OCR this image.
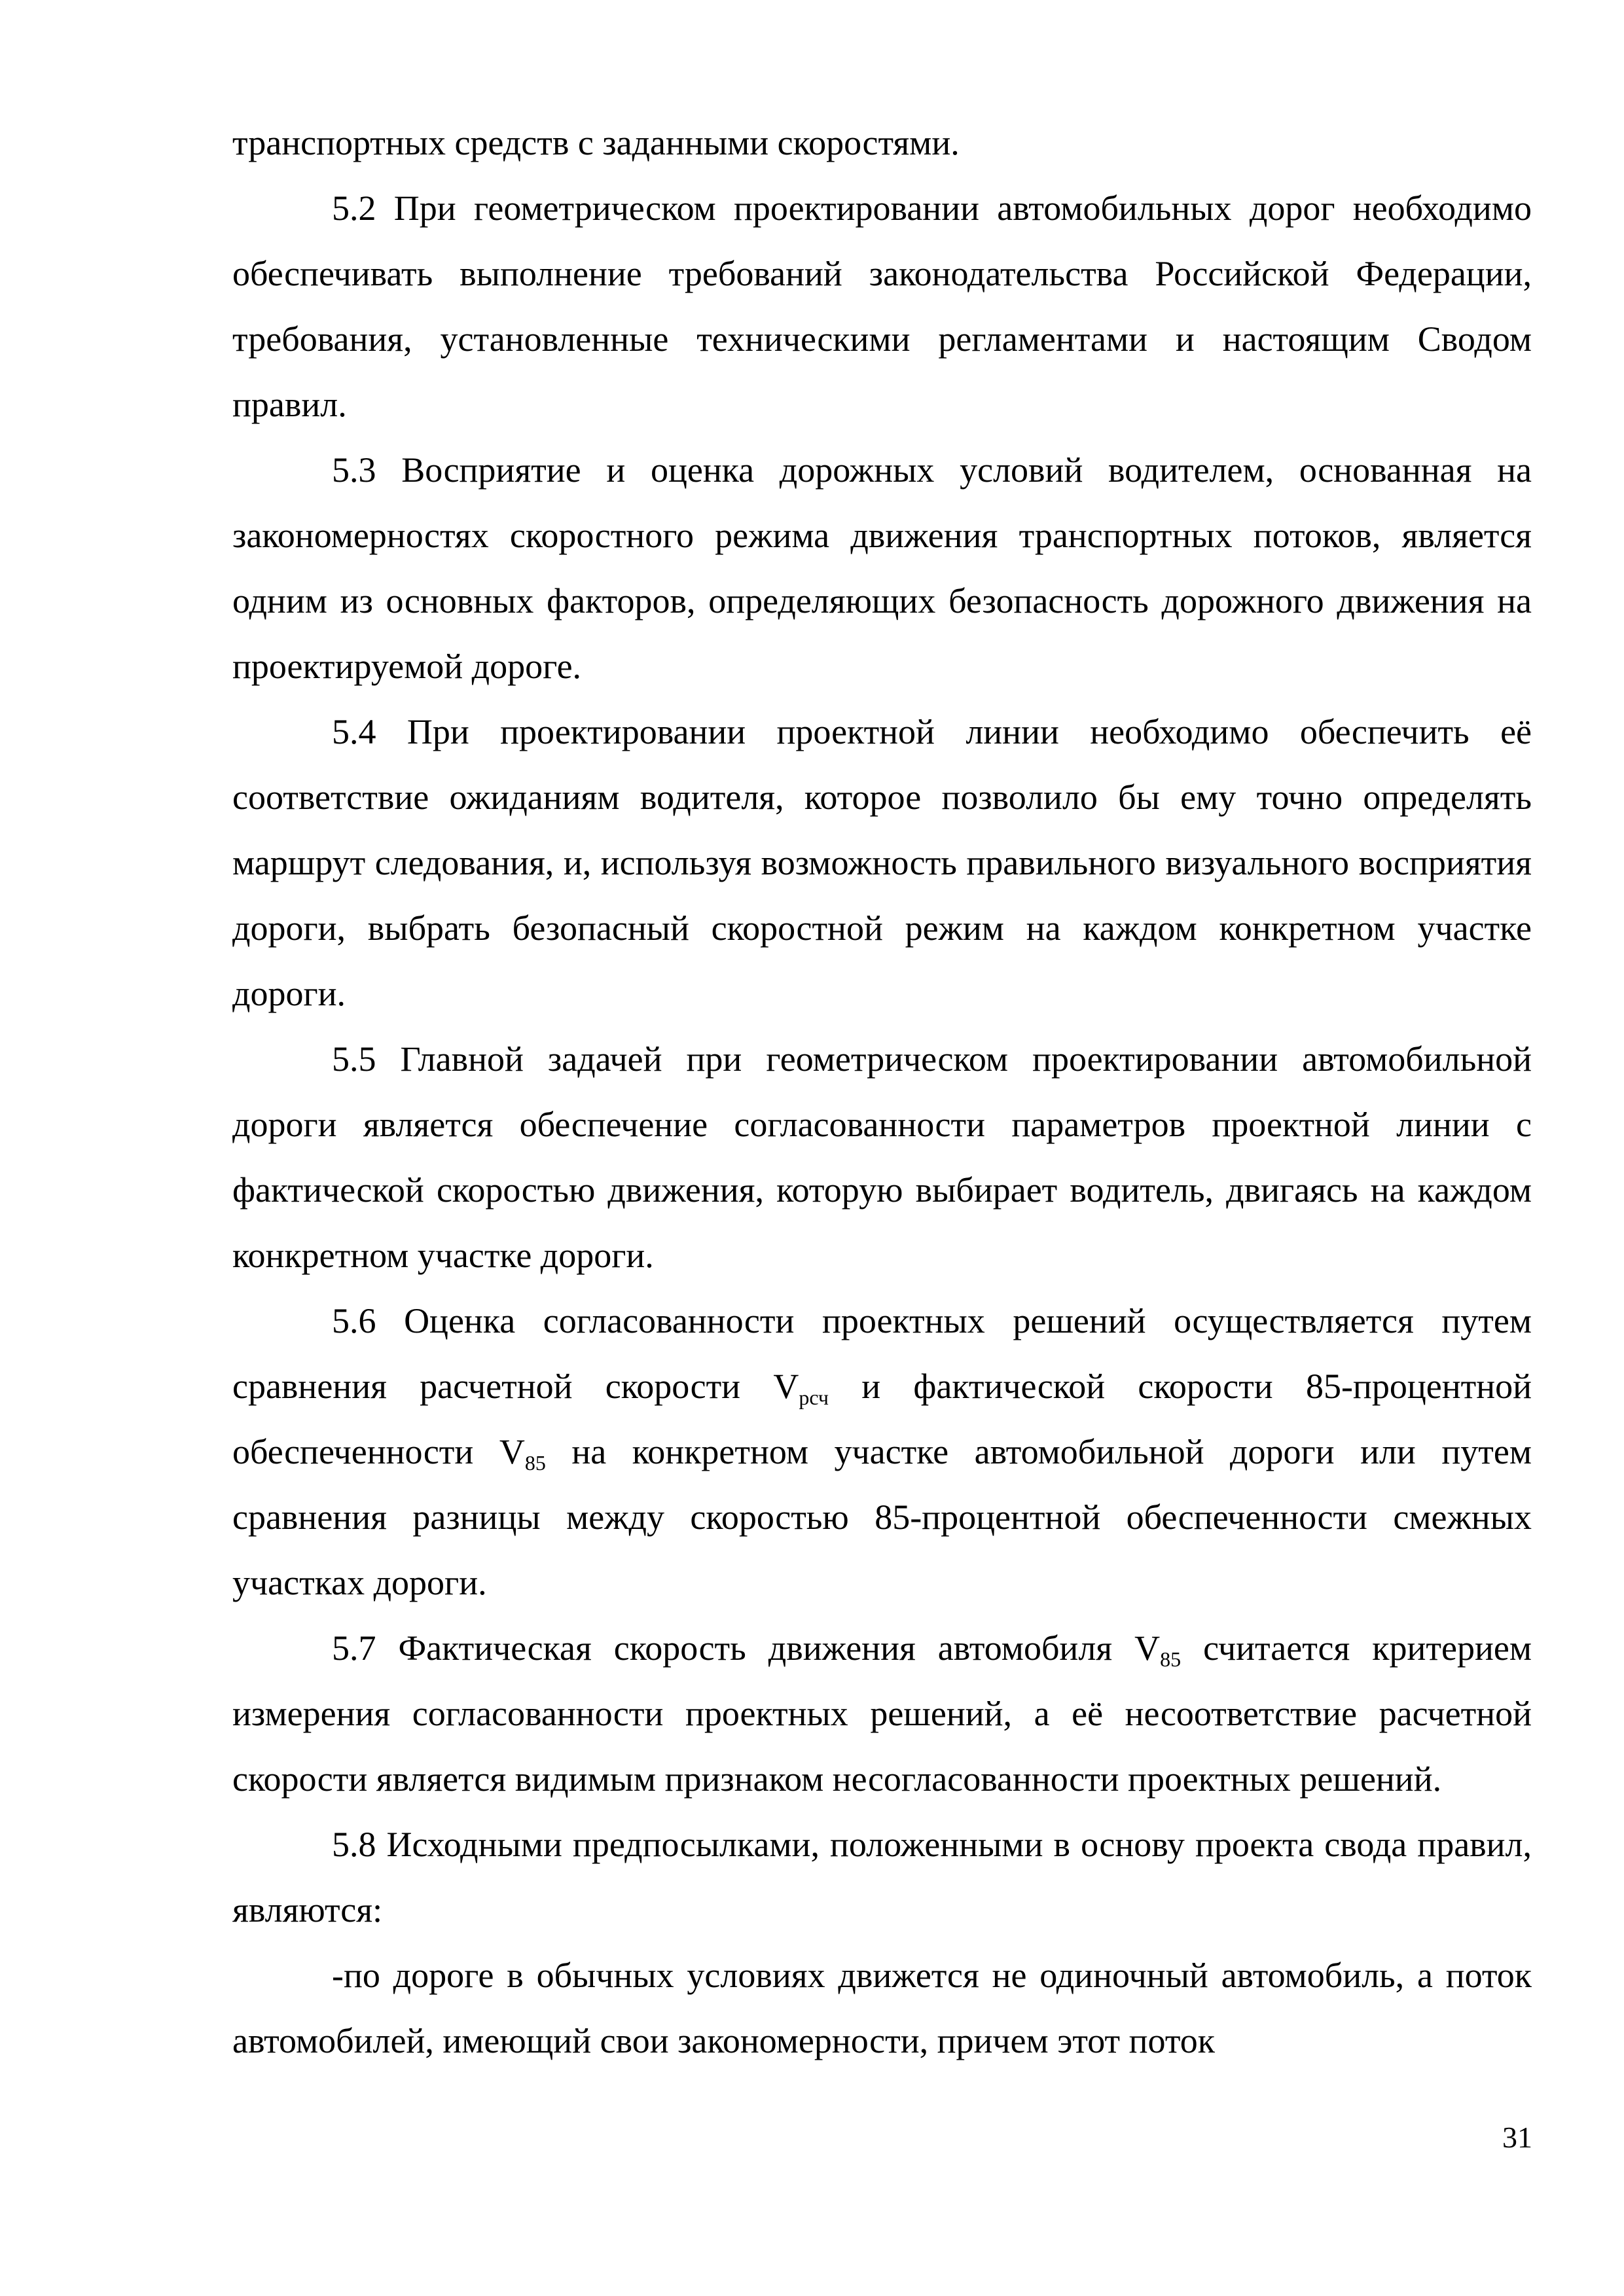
транспортных средств с заданными скоростями.

5.2 При геометрическом проектировании автомобильных дорог необходимо обеспечивать выполнение требований законодательства Российской Федерации, требования, установленные техническими регламентами и настоящим Сводом правил.

5.3 Восприятие и оценка дорожных условий водителем, основанная на закономерностях скоростного режима движения транспортных потоков, является одним из основных факторов, определяющих безопасность дорожного движения на проектируемой дороге.

5.4 При проектировании проектной линии необходимо обеспечить её соответствие ожиданиям водителя, которое позволило бы ему точно определять маршрут следования, и, используя возможность правильного визуального восприятия дороги, выбрать безопасный скоростной режим на каждом конкретном участке дороги.

5.5 Главной задачей при геометрическом проектировании автомобильной дороги является обеспечение согласованности параметров проектной линии с фактической скоростью движения, которую выбирает водитель, двигаясь на каждом конкретном участке дороги.

5.6 Оценка согласованности проектных решений осуществляется путем сравнения расчетной скорости $V_{рсч}$ и фактической скорости 85-процентной обеспеченности $V_{85}$ на конкретном участке автомобильной дороги или путем сравнения разницы между скоростью 85-процентной обеспеченности смежных участках дороги.

5.7 Фактическая скорость движения автомобиля $V_{85}$ считается критерием измерения согласованности проектных решений, а её несоответствие расчетной скорости является видимым признаком несогласованности проектных решений.

5.8 Исходными предпосылками, положенными в основу проекта свода правил, являются:

-по дороге в обычных условиях движется не одиночный автомобиль, а поток автомобилей, имеющий свои закономерности, причем этот поток

31
